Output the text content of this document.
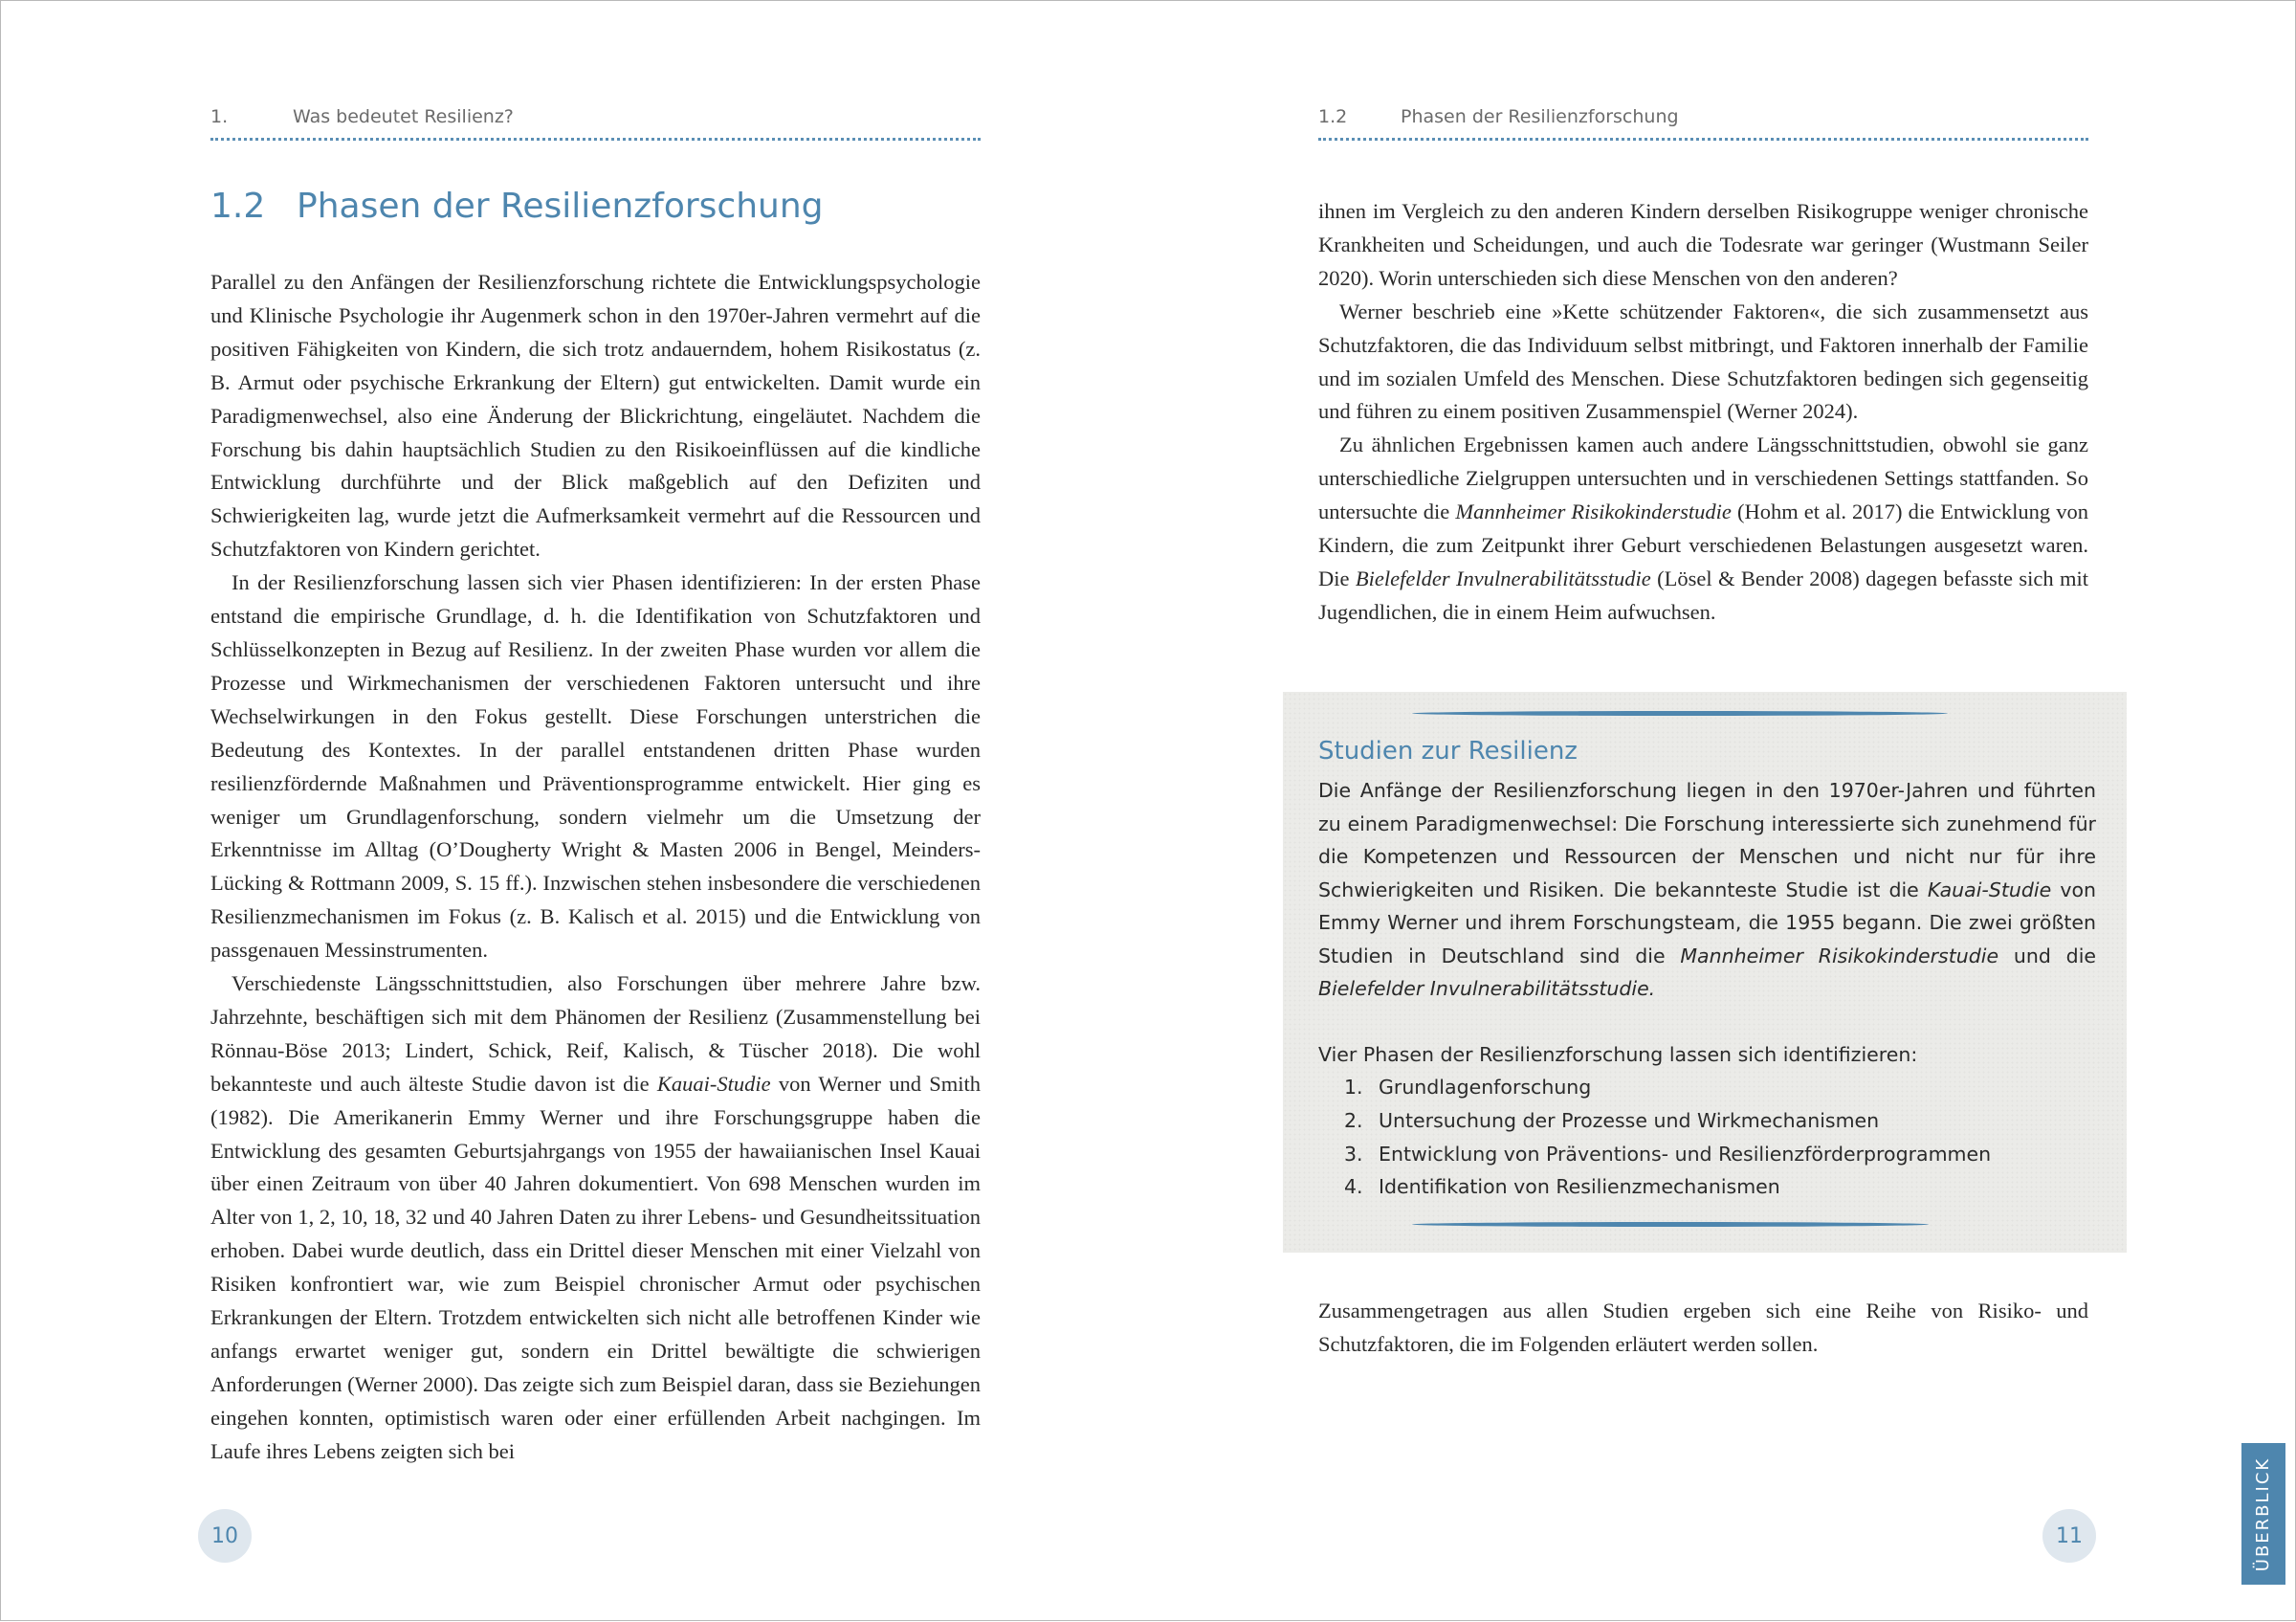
1.	Was bedeutet Resilienz?
1.2 Phasen der Resilienzforschung

Parallel zu den Anfängen der Resilienzforschung richtete die Entwicklungspsychologie und Klinische Psychologie ihr Augenmerk schon in den 1970er-Jahren vermehrt auf die positiven Fähigkeiten von Kindern, die sich trotz andauerndem, hohem Risikostatus (z. B. Armut oder psychische Erkrankung der Eltern) gut entwickelten. Damit wurde ein Paradigmenwechsel, also eine Änderung der Blickrichtung, eingeläutet. Nachdem die Forschung bis dahin hauptsächlich Studien zu den Risikoeinflüssen auf die kindliche Entwicklung durchführte und der Blick maßgeblich auf den Defiziten und Schwierigkeiten lag, wurde jetzt die Aufmerksamkeit vermehrt auf die Ressourcen und Schutzfaktoren von Kindern gerichtet.

In der Resilienzforschung lassen sich vier Phasen identifizieren: In der ersten Phase entstand die empirische Grundlage, d. h. die Identifikation von Schutzfaktoren und Schlüsselkonzepten in Bezug auf Resilienz. In der zweiten Phase wurden vor allem die Prozesse und Wirkmechanismen der verschiedenen Faktoren untersucht und ihre Wechselwirkungen in den Fokus gestellt. Diese Forschungen unterstrichen die Bedeutung des Kontextes. In der parallel entstandenen dritten Phase wurden resilienzfördernde Maßnahmen und Präventionsprogramme entwickelt. Hier ging es weniger um Grundlagenforschung, sondern vielmehr um die Umsetzung der Erkenntnisse im Alltag (O’Dougherty Wright & Masten 2006 in Bengel, Meinders-Lücking & Rottmann 2009, S. 15 ff.). Inzwischen stehen insbesondere die verschiedenen Resilienzmechanismen im Fokus (z. B. Kalisch et al. 2015) und die Entwicklung von passgenauen Messinstrumenten.

Verschiedenste Längsschnittstudien, also Forschungen über mehrere Jahre bzw. Jahrzehnte, beschäftigen sich mit dem Phänomen der Resilienz (Zusammenstellung bei Rönnau-Böse 2013; Lindert, Schick, Reif, Kalisch, & Tüscher 2018). Die wohl bekannteste und auch älteste Studie davon ist die Kauai-Studie von Werner und Smith (1982). Die Amerikanerin Emmy Werner und ihre Forschungsgruppe haben die Entwicklung des gesamten Geburtsjahrgangs von 1955 der hawaiianischen Insel Kauai über einen Zeitraum von über 40 Jahren dokumentiert. Von 698 Menschen wurden im Alter von 1, 2, 10, 18, 32 und 40 Jahren Daten zu ihrer Lebens- und Gesundheitssituation erhoben. Dabei wurde deutlich, dass ein Drittel dieser Menschen mit einer Vielzahl von Risiken konfrontiert war, wie zum Beispiel chronischer Armut oder psychischen Erkrankungen der Eltern. Trotzdem entwickelten sich nicht alle betroffenen Kinder wie anfangs erwartet weniger gut, sondern ein Drittel bewältigte die schwierigen Anforderungen (Werner 2000). Das zeigte sich zum Beispiel daran, dass sie Beziehungen eingehen konnten, optimistisch waren oder einer erfüllenden Arbeit nachgingen. Im Laufe ihres Lebens zeigten sich bei

10
1.2	Phasen der Resilienzforschung

ihnen im Vergleich zu den anderen Kindern derselben Risikogruppe weniger chronische Krankheiten und Scheidungen, und auch die Todesrate war geringer (Wustmann Seiler 2020). Worin unterschieden sich diese Menschen von den anderen?

Werner beschrieb eine »Kette schützender Faktoren«, die sich zusammensetzt aus Schutzfaktoren, die das Individuum selbst mitbringt, und Faktoren innerhalb der Familie und im sozialen Umfeld des Menschen. Diese Schutzfaktoren bedingen sich gegenseitig und führen zu einem positiven Zusammenspiel (Werner 2024).

Zu ähnlichen Ergebnissen kamen auch andere Längsschnittstudien, obwohl sie ganz unterschiedliche Zielgruppen untersuchten und in verschiedenen Settings stattfanden. So untersuchte die Mannheimer Risikokinderstudie (Hohm et al. 2017) die Entwicklung von Kindern, die zum Zeitpunkt ihrer Geburt verschiedenen Belastungen ausgesetzt waren. Die Bielefelder Invulnerabilitätsstudie (Lösel & Bender 2008) dagegen befasste sich mit Jugendlichen, die in einem Heim aufwuchsen.

Studien zur Resilienz
Die Anfänge der Resilienzforschung liegen in den 1970er-Jahren und führten zu einem Paradigmenwechsel: Die Forschung interessierte sich zunehmend für die Kompetenzen und Ressourcen der Menschen und nicht nur für ihre Schwierigkeiten und Risiken. Die bekannteste Studie ist die Kauai-Studie von Emmy Werner und ihrem Forschungsteam, die 1955 begann. Die zwei größten Studien in Deutschland sind die Mannheimer Risikokinderstudie und die Bielefelder Invulnerabilitätsstudie.
Vier Phasen der Resilienzforschung lassen sich identifizieren:
1. Grundlagenforschung
2. Untersuchung der Prozesse und Wirkmechanismen
3. Entwicklung von Präventions- und Resilienzförderprogrammen
4. Identifikation von Resilienzmechanismen
ÜBERBLICK

Zusammengetragen aus allen Studien ergeben sich eine Reihe von Risiko- und Schutzfaktoren, die im Folgenden erläutert werden sollen.

11
